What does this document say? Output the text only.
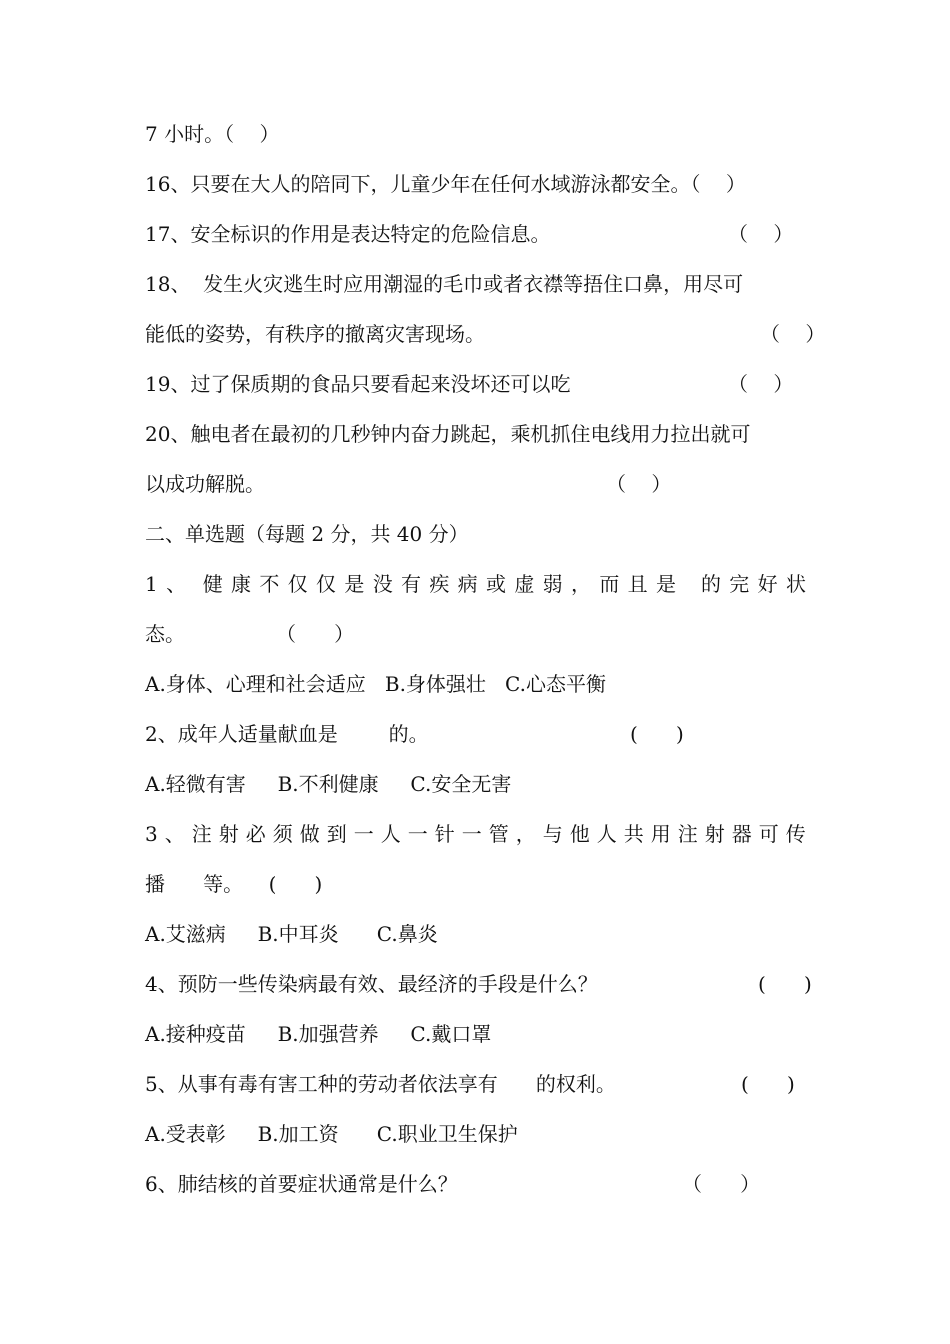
7 小时。（    ）
16、只要在大人的陪同下，儿童少年在任何水域游泳都安全。（    ）
17、安全标识的作用是表达特定的危险信息。	（    ）
18、  发生火灾逃生时应用潮湿的毛巾或者衣襟等捂住口鼻，用尽可
能低的姿势，有秩序的撤离灾害现场。	（    ）
19、过了保质期的食品只要看起来没坏还可以吃	（    ）
20、触电者在最初的几秒钟内奋力跳起，乘机抓住电线用力拉出就可
以成功解脱。	（    ）
二、单选题（每题 2 分，共 40 分）
1 、 健 康 不 仅 仅 是 没 有 疾 病 或 虚 弱 ， 而 且 是 的 完 好 状
态。	（      ）
A.身体、心理和社会适应   B.身体强壮   C.心态平衡
2、成年人适量献血是        的。	(      )
A.轻微有害     B.不利健康     C.安全无害
3 、 注 射 必 须 做 到 一 人 一 针 一 管 ， 与 他 人 共 用 注 射 器 可 传
播      等。    (      )
A.艾滋病     B.中耳炎      C.鼻炎
4、预防一些传染病最有效、最经济的手段是什么？	(      )
A.接种疫苗     B.加强营养     C.戴口罩
5、从事有毒有害工种的劳动者依法享有      的权利。	(      )
A.受表彰     B.加工资      C.职业卫生保护
6、肺结核的首要症状通常是什么？	（      ）
